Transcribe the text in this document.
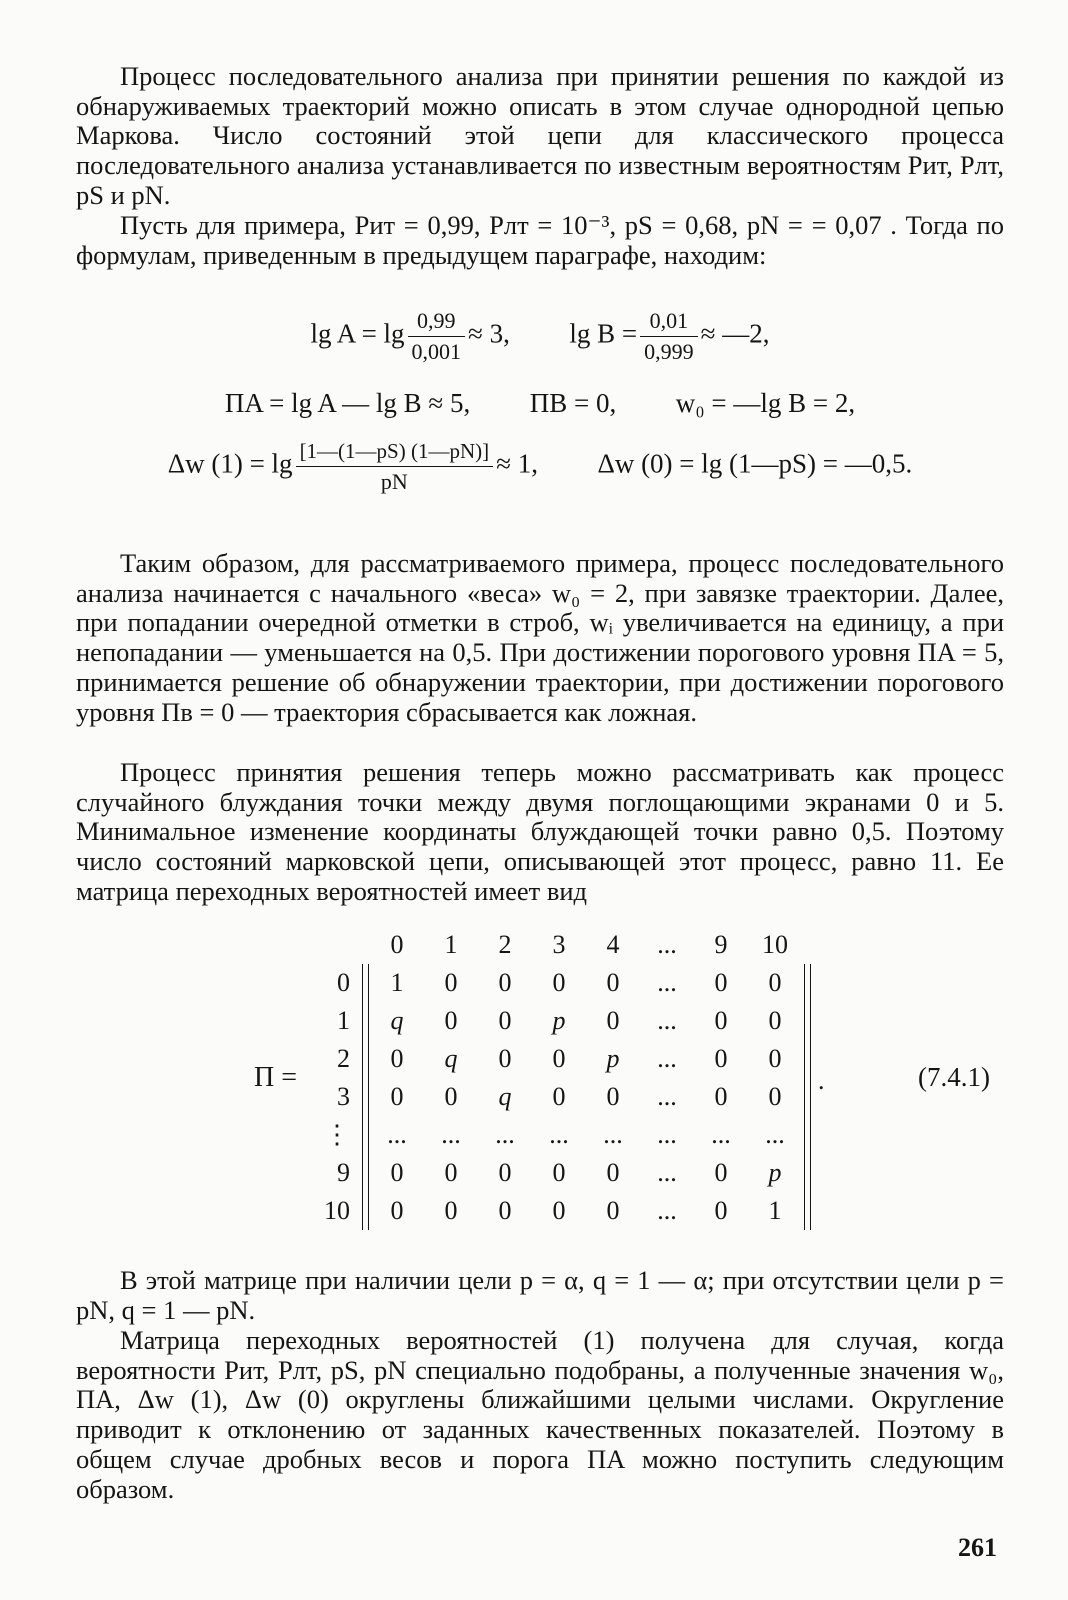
Процесс последовательного анализа при принятии решения по каждой из обнаруживаемых траекторий можно описать в этом случае однородной цепью Маркова. Число состояний этой цепи для классического процесса последовательного анализа устанавливается по известным вероятностям Pит, Pлт, pS и pN.

Пусть для примера, Pит = 0,99, Pлт = 10⁻³, pS = 0,68, pN = = 0,07 . Тогда по формулам, приведенным в предыдущем параграфе, находим:

$\lg A = \lg \frac{0,99}{0,001} \approx 3$, $\lg B = \frac{0,01}{0,999}$ ≈ —2,
ПA = lg A — lg B ≈ 5, ПB = 0, w₀ = —lg B = 2,
Δw $(1) = \lg \frac{[1—(1—pS) (1—pN)]}{pN} \approx 1$, Δw (0) = lg (1—pS) = —0,5.

Таким образом, для рассматриваемого примера, процесс последовательного анализа начинается с начального «веса» w₀ = 2, при завязке траектории. Далее, при попадании очередной отметки в строб, wᵢ увеличивается на единицу, а при непопадании — уменьшается на 0,5. При достижении порогового уровня ПA = 5, принимается решение об обнаружении траектории, при достижении порогового уровня Пв = 0 — траектория сбрасывается как ложная.

Процесс принятия решения теперь можно рассматривать как процесс случайного блуждания точки между двумя поглощающими экранами 0 и 5. Минимальное изменение координаты блуждающей точки равно 0,5. Поэтому число состояний марковской цепи, описывающей этот процесс, равно 11. Ее матрица переходных вероятностей имеет вид

П =

	0	1	2	3	4	...	9	10	

0		1	0	0	0	0	...	0	0	

1		q	0	0	p	0	...	0	0	

2		0	q	0	0	p	...	0	0	

3		0	0	q	0	0	...	0	0	

⋮		...	...	...	...	...	...	...	...	

9		0	0	0	0	0	...	0	p	

10		0	0	0	0	0	...	0	1	
.	(7.4.1)

В этой матрице при наличии цели p = α, q = 1 — α; при отсутствии цели p = pN, q = 1 — pN.

Матрица переходных вероятностей (1) получена для случая, когда вероятности Pит, Pлт, pS, pN специально подобраны, а полученные значения w₀, ПA, Δw (1), Δw (0) округлены ближайшими целыми числами. Округление приводит к отклонению от заданных качественных показателей. Поэтому в общем случае дробных весов и порога ПA можно поступить следующим образом.

261
